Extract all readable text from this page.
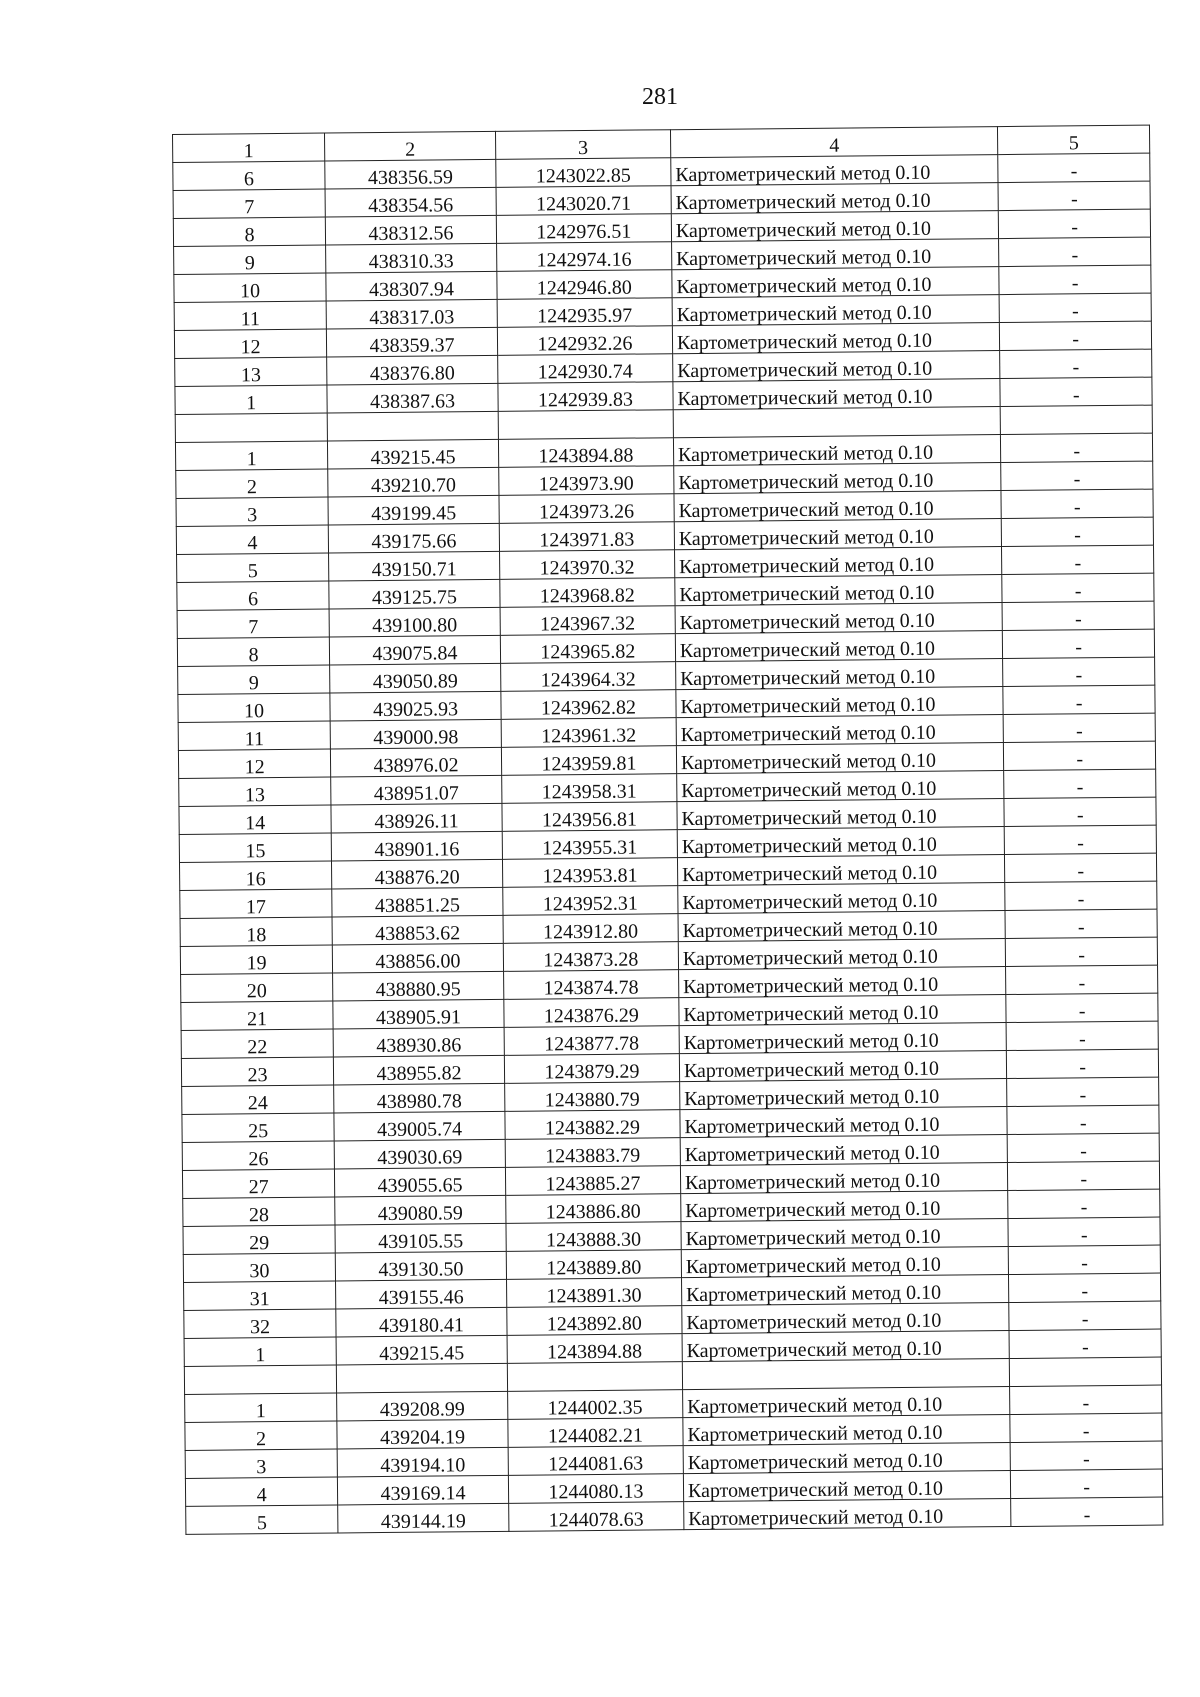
281
1	2	3	4	5
6	438356.59	1243022.85	Картометрический метод 0.10	-
7	438354.56	1243020.71	Картометрический метод 0.10	-
8	438312.56	1242976.51	Картометрический метод 0.10	-
9	438310.33	1242974.16	Картометрический метод 0.10	-
10	438307.94	1242946.80	Картометрический метод 0.10	-
11	438317.03	1242935.97	Картометрический метод 0.10	-
12	438359.37	1242932.26	Картометрический метод 0.10	-
13	438376.80	1242930.74	Картометрический метод 0.10	-
1	438387.63	1242939.83	Картометрический метод 0.10	-

1	439215.45	1243894.88	Картометрический метод 0.10	-
2	439210.70	1243973.90	Картометрический метод 0.10	-
3	439199.45	1243973.26	Картометрический метод 0.10	-
4	439175.66	1243971.83	Картометрический метод 0.10	-
5	439150.71	1243970.32	Картометрический метод 0.10	-
6	439125.75	1243968.82	Картометрический метод 0.10	-
7	439100.80	1243967.32	Картометрический метод 0.10	-
8	439075.84	1243965.82	Картометрический метод 0.10	-
9	439050.89	1243964.32	Картометрический метод 0.10	-
10	439025.93	1243962.82	Картометрический метод 0.10	-
11	439000.98	1243961.32	Картометрический метод 0.10	-
12	438976.02	1243959.81	Картометрический метод 0.10	-
13	438951.07	1243958.31	Картометрический метод 0.10	-
14	438926.11	1243956.81	Картометрический метод 0.10	-
15	438901.16	1243955.31	Картометрический метод 0.10	-
16	438876.20	1243953.81	Картометрический метод 0.10	-
17	438851.25	1243952.31	Картометрический метод 0.10	-
18	438853.62	1243912.80	Картометрический метод 0.10	-
19	438856.00	1243873.28	Картометрический метод 0.10	-
20	438880.95	1243874.78	Картометрический метод 0.10	-
21	438905.91	1243876.29	Картометрический метод 0.10	-
22	438930.86	1243877.78	Картометрический метод 0.10	-
23	438955.82	1243879.29	Картометрический метод 0.10	-
24	438980.78	1243880.79	Картометрический метод 0.10	-
25	439005.74	1243882.29	Картометрический метод 0.10	-
26	439030.69	1243883.79	Картометрический метод 0.10	-
27	439055.65	1243885.27	Картометрический метод 0.10	-
28	439080.59	1243886.80	Картометрический метод 0.10	-
29	439105.55	1243888.30	Картометрический метод 0.10	-
30	439130.50	1243889.80	Картометрический метод 0.10	-
31	439155.46	1243891.30	Картометрический метод 0.10	-
32	439180.41	1243892.80	Картометрический метод 0.10	-
1	439215.45	1243894.88	Картометрический метод 0.10	-

1	439208.99	1244002.35	Картометрический метод 0.10	-
2	439204.19	1244082.21	Картометрический метод 0.10	-
3	439194.10	1244081.63	Картометрический метод 0.10	-
4	439169.14	1244080.13	Картометрический метод 0.10	-
5	439144.19	1244078.63	Картометрический метод 0.10	-
